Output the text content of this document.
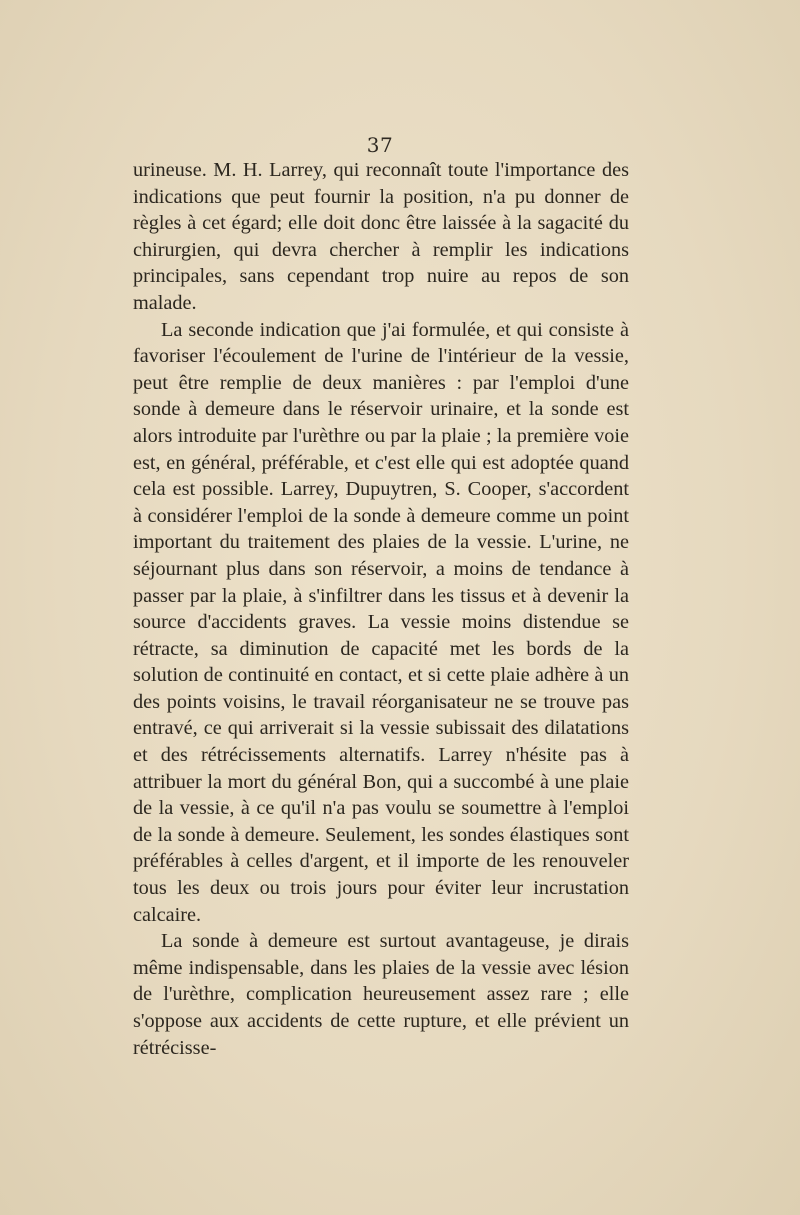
37

urineuse. M. H. Larrey, qui reconnaît toute l'importance des indications que peut fournir la position, n'a pu donner de règles à cet égard; elle doit donc être laissée à la sagacité du chirurgien, qui devra chercher à remplir les indications principales, sans cependant trop nuire au repos de son malade.

La seconde indication que j'ai formulée, et qui consiste à favoriser l'écoulement de l'urine de l'intérieur de la vessie, peut être remplie de deux manières : par l'emploi d'une sonde à demeure dans le réservoir urinaire, et la sonde est alors introduite par l'urèthre ou par la plaie ; la première voie est, en général, préférable, et c'est elle qui est adoptée quand cela est possible. Larrey, Dupuytren, S. Cooper, s'accordent à considérer l'emploi de la sonde à demeure comme un point important du traitement des plaies de la vessie. L'urine, ne séjournant plus dans son réservoir, a moins de tendance à passer par la plaie, à s'infiltrer dans les tissus et à devenir la source d'accidents graves. La vessie moins distendue se rétracte, sa diminution de capacité met les bords de la solution de continuité en contact, et si cette plaie adhère à un des points voisins, le travail réorganisateur ne se trouve pas entravé, ce qui arriverait si la vessie subissait des dilatations et des rétrécissements alternatifs. Larrey n'hésite pas à attribuer la mort du général Bon, qui a succombé à une plaie de la vessie, à ce qu'il n'a pas voulu se soumettre à l'emploi de la sonde à demeure. Seulement, les sondes élastiques sont préférables à celles d'argent, et il importe de les renouveler tous les deux ou trois jours pour éviter leur incrustation calcaire.

La sonde à demeure est surtout avantageuse, je dirais même indispensable, dans les plaies de la vessie avec lésion de l'urèthre, complication heureusement assez rare ; elle s'oppose aux accidents de cette rupture, et elle prévient un rétrécisse-
